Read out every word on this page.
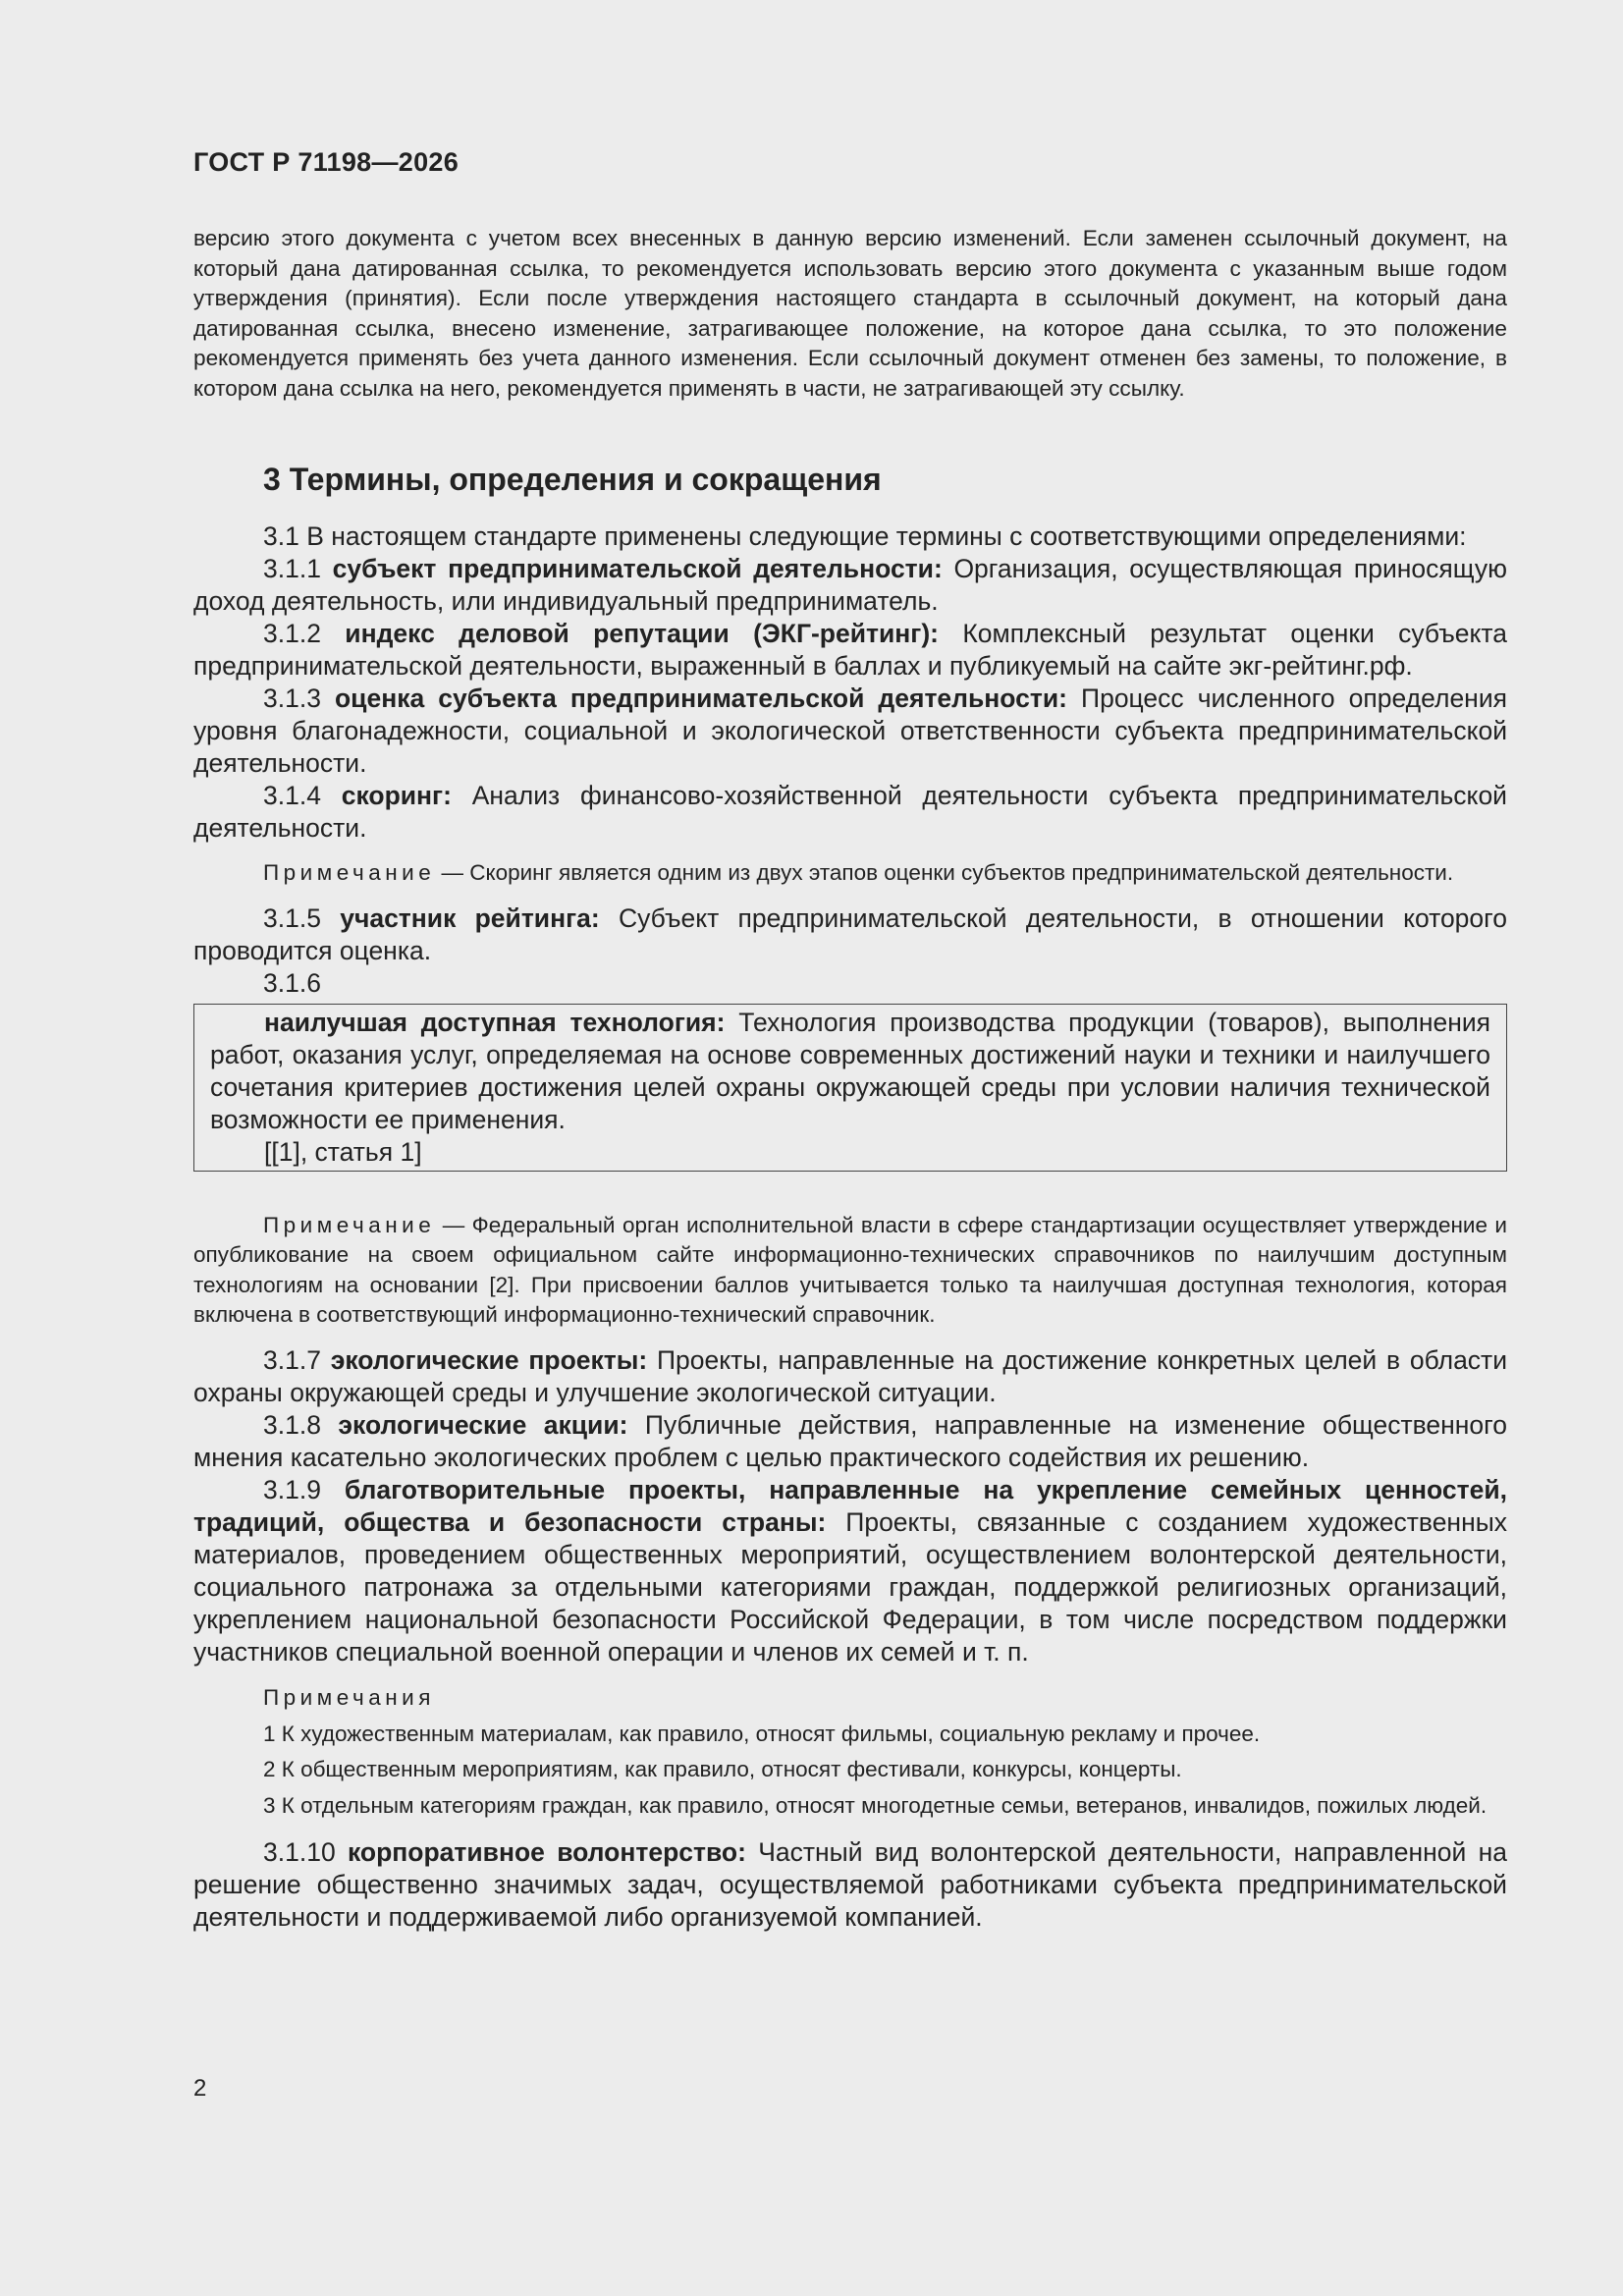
ГОСТ Р 71198—2026
версию этого документа с учетом всех внесенных в данную версию изменений. Если заменен ссылочный документ, на который дана датированная ссылка, то рекомендуется использовать версию этого документа с указанным выше годом утверждения (принятия). Если после утверждения настоящего стандарта в ссылочный документ, на который дана датированная ссылка, внесено изменение, затрагивающее положение, на которое дана ссылка, то это положение рекомендуется применять без учета данного изменения. Если ссылочный документ отменен без замены, то положение, в котором дана ссылка на него, рекомендуется применять в части, не затрагивающей эту ссылку.
3 Термины, определения и сокращения

3.1 В настоящем стандарте применены следующие термины с соответствующими определениями:

3.1.1 субъект предпринимательской деятельности: Организация, осуществляющая приносящую доход деятельность, или индивидуальный предприниматель.

3.1.2 индекс деловой репутации (ЭКГ-рейтинг): Комплексный результат оценки субъекта предпринимательской деятельности, выраженный в баллах и публикуемый на сайте экг-рейтинг.рф.

3.1.3 оценка субъекта предпринимательской деятельности: Процесс численного определения уровня благонадежности, социальной и экологической ответственности субъекта предпринимательской деятельности.

3.1.4 скоринг: Анализ финансово-хозяйственной деятельности субъекта предпринимательской деятельности.

Примечание — Скоринг является одним из двух этапов оценки субъектов предпринимательской деятельности.

3.1.5 участник рейтинга: Субъект предпринимательской деятельности, в отношении которого проводится оценка.

3.1.6

наилучшая доступная технология: Технология производства продукции (товаров), выполнения работ, оказания услуг, определяемая на основе современных достижений науки и техники и наилучшего сочетания критериев достижения целей охраны окружающей среды при условии наличия технической возможности ее применения.

[[1], статья 1]

Примечание — Федеральный орган исполнительной власти в сфере стандартизации осуществляет утверждение и опубликование на своем официальном сайте информационно-технических справочников по наилучшим доступным технологиям на основании [2]. При присвоении баллов учитывается только та наилучшая доступная технология, которая включена в соответствующий информационно-технический справочник.

3.1.7 экологические проекты: Проекты, направленные на достижение конкретных целей в области охраны окружающей среды и улучшение экологической ситуации.

3.1.8 экологические акции: Публичные действия, направленные на изменение общественного мнения касательно экологических проблем с целью практического содействия их решению.

3.1.9 благотворительные проекты, направленные на укрепление семейных ценностей, традиций, общества и безопасности страны: Проекты, связанные с созданием художественных материалов, проведением общественных мероприятий, осуществлением волонтерской деятельности, социального патронажа за отдельными категориями граждан, поддержкой религиозных организаций, укреплением национальной безопасности Российской Федерации, в том числе посредством поддержки участников специальной военной операции и членов их семей и т. п.

Примечания

1 К художественным материалам, как правило, относят фильмы, социальную рекламу и прочее.

2 К общественным мероприятиям, как правило, относят фестивали, конкурсы, концерты.

3 К отдельным категориям граждан, как правило, относят многодетные семьи, ветеранов, инвалидов, пожилых людей.

3.1.10 корпоративное волонтерство: Частный вид волонтерской деятельности, направленной на решение общественно значимых задач, осуществляемой работниками субъекта предпринимательской деятельности и поддерживаемой либо организуемой компанией.

2
